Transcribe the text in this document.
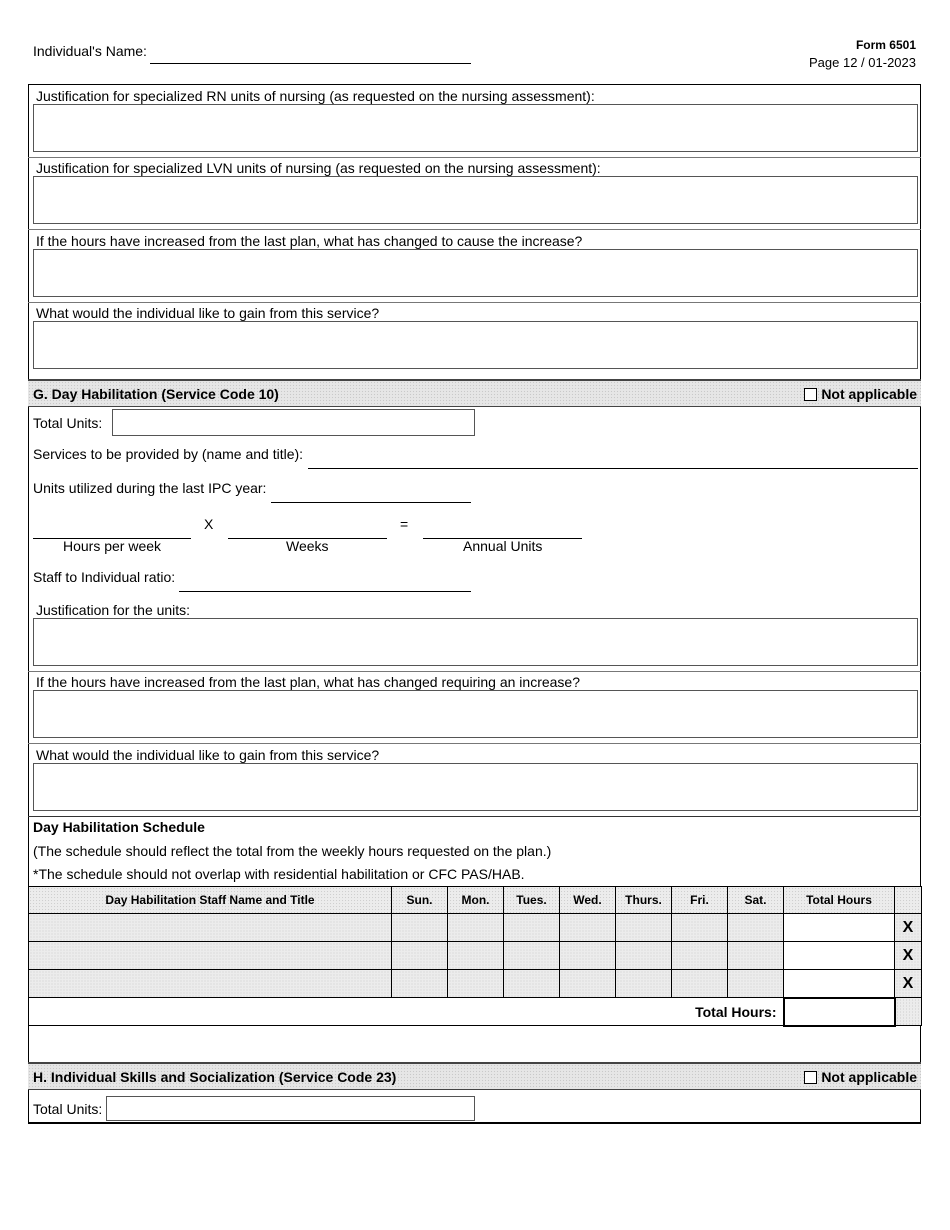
Individual's Name:	Form 6501
Page 12 / 01-2023
Justification for specialized RN units of nursing (as requested on the nursing assessment):
Justification for specialized LVN units of nursing (as requested on the nursing assessment):
If the hours have increased from the last plan, what has changed to cause the increase?
What would the individual like to gain from this service?
G. Day Habilitation (Service Code 10)	Not applicable
Total Units:
Services to be provided by (name and title):
Units utilized during the last IPC year:
X	=
Hours per week	Weeks	Annual Units
Staff to Individual ratio:
Justification for the units:
If the hours have increased from the last plan, what has changed requiring an increase?
What would the individual like to gain from this service?
Day Habilitation Schedule
(The schedule should reflect the total from the weekly hours requested on the plan.)
*The schedule should not overlap with residential habilitation or CFC PAS/HAB.
Day Habilitation Staff Name and Title	Sun.	Mon.	Tues.	Wed.	Thurs.	Fri.	Sat.	Total Hours	
									X
									X
									X
Total Hours:									
H. Individual Skills and Socialization (Service Code 23)	Not applicable
Total Units:
